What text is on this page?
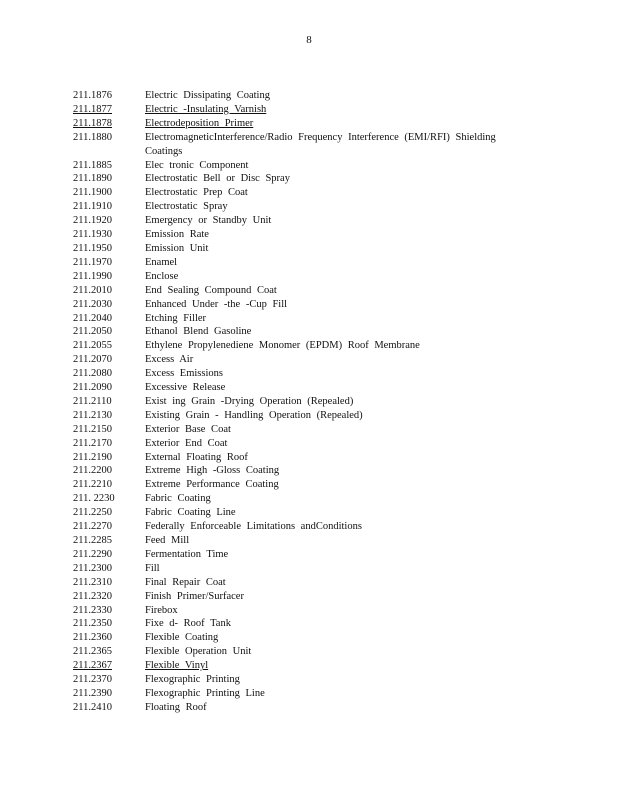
8
211.1876	Electric Dissipating Coating
211.1877	Electric -Insulating Varnish
211.1878	Electrodeposition Primer
211.1880	ElectromagneticInterference/Radio Frequency Interference (EMI/RFI) Shielding Coatings
211.1885	Elec tronic Component
211.1890	Electrostatic Bell or Disc Spray
211.1900	Electrostatic Prep Coat
211.1910	Electrostatic Spray
211.1920	Emergency or Standby Unit
211.1930	Emission Rate
211.1950	Emission Unit
211.1970	Enamel
211.1990	Enclose
211.2010	End Sealing Compound Coat
211.2030	Enhanced Under -the -Cup Fill
211.2040	Etching Filler
211.2050	Ethanol Blend Gasoline
211.2055	Ethylene Propylenediene Monomer (EPDM) Roof Membrane
211.2070	Excess Air
211.2080	Excess Emissions
211.2090	Excessive Release
211.2110	Exist ing Grain -Drying Operation (Repealed)
211.2130	Existing Grain - Handling Operation (Repealed)
211.2150	Exterior Base Coat
211.2170	Exterior End Coat
211.2190	External Floating Roof
211.2200	Extreme High -Gloss Coating
211.2210	Extreme Performance Coating
211. 2230	Fabric Coating
211.2250	Fabric Coating Line
211.2270	Federally Enforceable Limitations andConditions
211.2285	Feed Mill
211.2290	Fermentation Time
211.2300	Fill
211.2310	Final Repair Coat
211.2320	Finish Primer/Surfacer
211.2330	Firebox
211.2350	Fixe d- Roof Tank
211.2360	Flexible Coating
211.2365	Flexible Operation Unit
211.2367	Flexible Vinyl
211.2370	Flexographic Printing
211.2390	Flexographic Printing Line
211.2410	Floating Roof
